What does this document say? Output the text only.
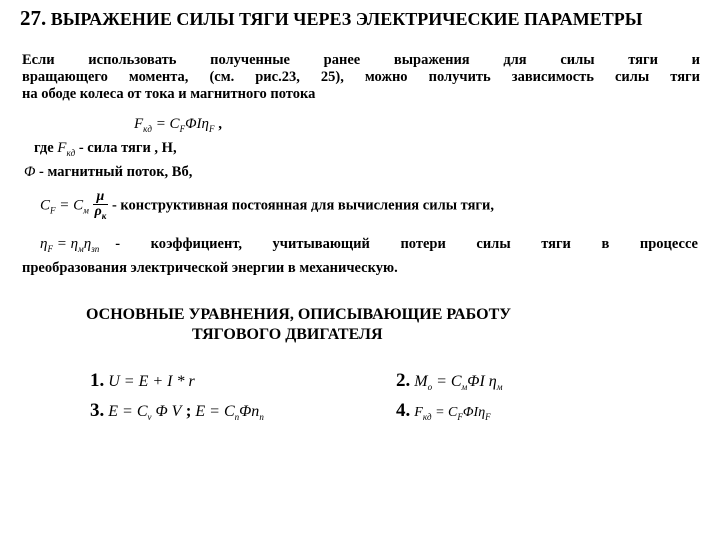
27. ВЫРАЖЕНИЕ СИЛЫ ТЯГИ ЧЕРЕЗ ЭЛЕКТРИЧЕСКИЕ ПАРАМЕТРЫ

Если использовать полученные ранее выражения для силы тяги и

вращающего момента, (см. рис.23, 25), можно получить зависимость силы тяги

на ободе колеса от тока и магнитного потока

$F_{кд} = C_F\Phi I\eta_F$ ,
где $F_{кд}$ - сила тяги , Н,
Φ - магнитный поток, Вб,
$C_F = C_м \frac{\mu}{\rho_к}$ - конструктивная постоянная для вычисления силы тяги,
$\eta_F = \eta_м\eta_{зп}$ - коэффициент, учитывающий потери силы тяги в процессе
преобразования электрической энергии в механическую.
ОСНОВНЫЕ УРАВНЕНИЯ, ОПИСЫВАЮЩИЕ РАБОТУ
ТЯГОВОГО ДВИГАТЕЛЯ
1. U = E + I * r	2. $M_о = C_м\Phi I$ $\eta_м$
3. $E = C_v$ Φ V ; $E = C_n\Phi n_n$	4. $F_{кд} = C_F\Phi I\eta_F$
